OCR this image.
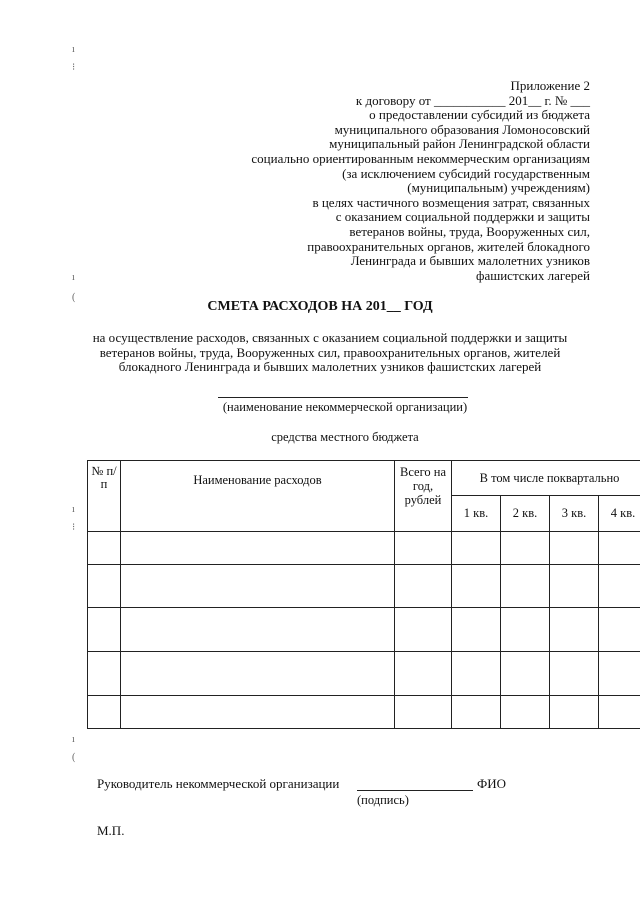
ı
⁝
ı
(
ı
⁝
ı
(
Приложение 2
к договору от ___________ 201__ г. № ___
о предоставлении субсидий из бюджета
муниципального образования Ломоносовский
муниципальный район Ленинградской области
социально ориентированным некоммерческим организациям
(за исключением субсидий государственным
(муниципальным) учреждениям)
в целях частичного возмещения затрат, связанных
с оказанием социальной поддержки и защиты
ветеранов войны, труда, Вооруженных сил,
правоохранительных органов, жителей блокадного
Ленинграда и бывших малолетних узников
фашистских лагерей
СМЕТА РАСХОДОВ НА 201__ ГОД
на осуществление расходов, связанных с оказанием социальной поддержки и защиты
ветеранов войны, труда, Вооруженных сил, правоохранительных органов, жителей
блокадного Ленинграда и бывших малолетних узников фашистских лагерей
(наименование некоммерческой организации)
средства местного бюджета
№ п/п	Наименование расходов	Всего на год, рублей	В том числе поквартально			
			1 кв.	2 кв.	3 кв.	4 кв.

Руководитель некоммерческой организации	ФИО
(подпись)
М.П.
